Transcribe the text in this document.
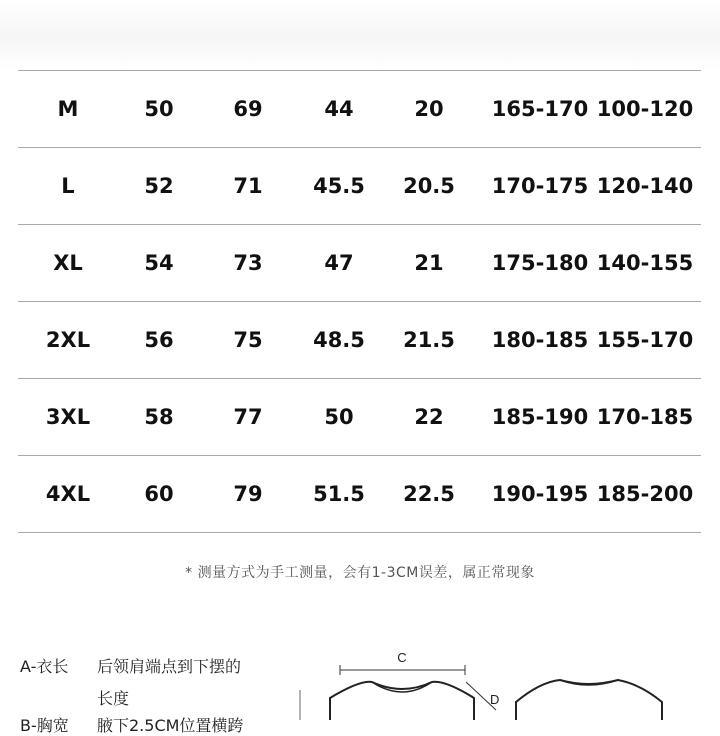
M	50	69	44	20	165-170 100-120
L	52	71	45.5	20.5	170-175 120-140
XL	54	73	47	21	175-180 140-155
2XL	56	75	48.5	21.5	180-185 155-170
3XL	58	77	50	22	185-190 170-185
4XL	60	79	51.5	22.5	190-195 185-200
* 测量方式为手工测量，会有1-3CM误差，属正常现象
A-衣长 后领肩端点到下摆的
长度
B-胸宽 腋下2.5CM位置横跨
C
D
